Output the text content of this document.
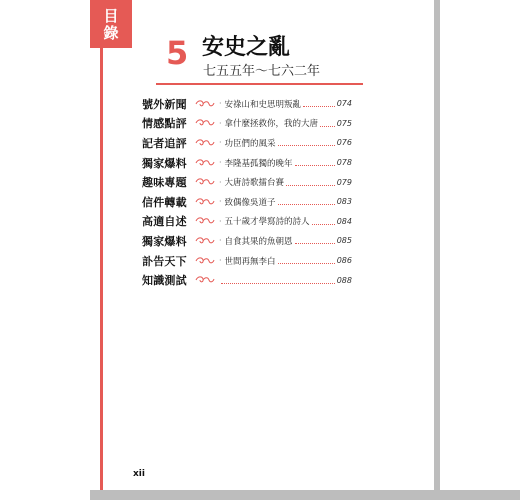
目錄
5 安史之亂
七五五年～七六二年
號外新聞	· 安祿山和史思明叛亂	074
情感點評	· 拿什麼拯救你，我的大唐 075
記者追評	· 功臣們的風采	076
獨家爆料	· 李隆基孤獨的晚年	078
趣味專題	· 大唐詩歌擂台賽	079
信件轉載	· 致偶像吳道子	083
高適自述	· 五十歲才學寫詩的詩人	084
獨家爆料	· 自食其果的魚朝恩	085
訃告天下	· 世間再無李白	086
知識測試	088
xii
